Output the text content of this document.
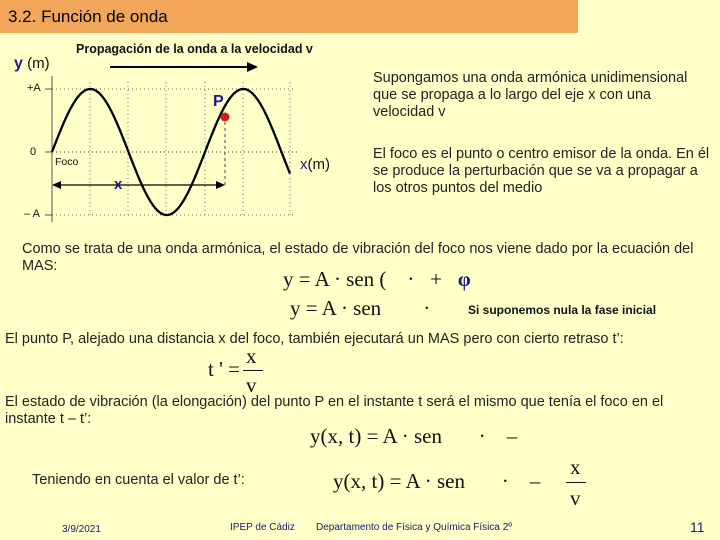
3.2. Función de onda
y (m)
Propagación de la onda a la velocidad v
+A
0
– A
Foco
P
x(m)
x
Supongamos una onda armónica unidimensional que se propaga a lo largo del eje x con una velocidad v
El foco es el punto o centro emisor de la onda. En él se produce la perturbación que se va a propagar a los otros puntos del medio
Como se trata de una onda armónica, el estado de vibración del foco nos viene dado por la ecuación del MAS:
y = A · sen ( · + φ
y = A · sen ·	Si suponemos nula la fase inicial
El punto P, alejado una distancia x del foco, también ejecutará un MAS pero con cierto retraso t’:
t ' =
x
v
El estado de vibración (la elongación) del punto P en el instante t será el mismo que tenía el foco en el instante t – t’:
y(x, t) = A · sen · –
Teniendo en cuenta el valor de t’:	y(x, t) = A · sen · –
x
v
3/9/2021	IPEP de Cádiz Departamento de Física y Química Física 2º	11
